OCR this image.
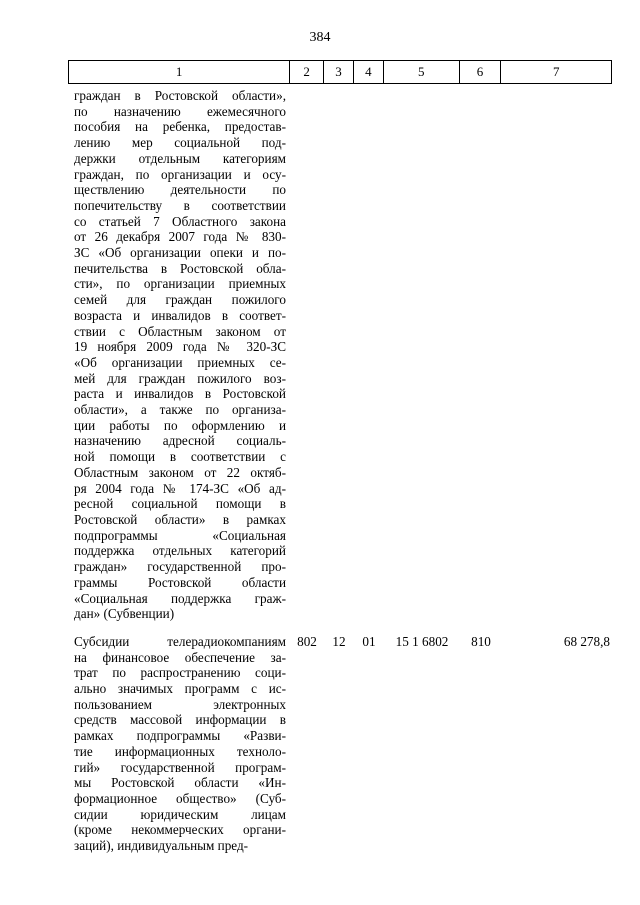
384
1	2	3	4	5	6	7
граждан в Ростовской области»,
по назначению ежемесячного
пособия на ребенка, предостав-
лению мер социальной под-
держки отдельным категориям
граждан, по организации и осу-
ществлению деятельности по
попечительству в соответствии
со статьей 7 Областного закона
от 26 декабря 2007 года № 830-
ЗС «Об организации опеки и по-
печительства в Ростовской обла-
сти», по организации приемных
семей для граждан пожилого
возраста и инвалидов в соответ-
ствии с Областным законом от
19 ноября 2009 года № 320-ЗС
«Об организации приемных се-
мей для граждан пожилого воз-
раста и инвалидов в Ростовской
области», а также по организа-
ции работы по оформлению и
назначению адресной социаль-
ной помощи в соответствии с
Областным законом от 22 октяб-
ря 2004 года № 174-ЗС «Об ад-
ресной социальной помощи в
Ростовской области» в рамках
подпрограммы «Социальная
поддержка отдельных категорий
граждан» государственной про-
граммы Ростовской области
«Социальная поддержка граж-
дан» (Субвенции)
Субсидии телерадиокомпаниям
на финансовое обеспечение за-
трат по распространению соци-
ально значимых программ с ис-
пользованием электронных
средств массовой информации в
рамках подпрограммы «Разви-
тие информационных техноло-
гий» государственной програм-
мы Ростовской области «Ин-
формационное общество» (Суб-
сидии юридическим лицам
(кроме некоммерческих органи-
заций), индивидуальным пред-
802	12	01	15 1 6802	810	68 278,8
